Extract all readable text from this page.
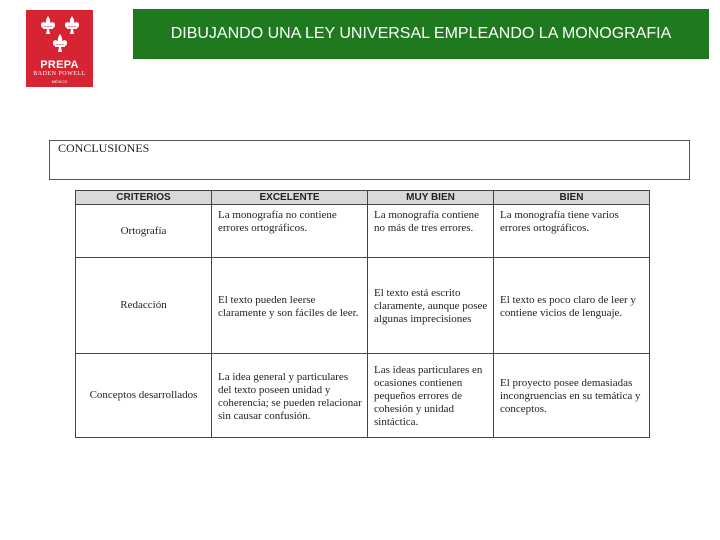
PREPA
BADEN POWELL
MÉXICO
DIBUJANDO UNA LEY UNIVERSAL EMPLEANDO LA MONOGRAFIA
CONCLUSIONES
CRITERIOS	EXCELENTE	MUY BIEN	BIEN
Ortografía	La monografía no contiene errores ortográficos.	La monografía contiene no más de tres errores.	La monografía tiene varios errores ortográficos.
Redacción	El texto pueden leerse claramente y son fáciles de leer.	El texto está escrito claramente, aunque posee algunas imprecisiones	El texto es poco claro de leer y contiene vicios de lenguaje.
Conceptos desarrollados	La idea general y particulares del texto poseen unidad y coherencia; se pueden relacionar sin causar confusión.	Las ideas particulares en ocasiones contienen pequeños errores de cohesión y unidad sintáctica.	El proyecto posee demasiadas incongruencias en su temática y conceptos.
